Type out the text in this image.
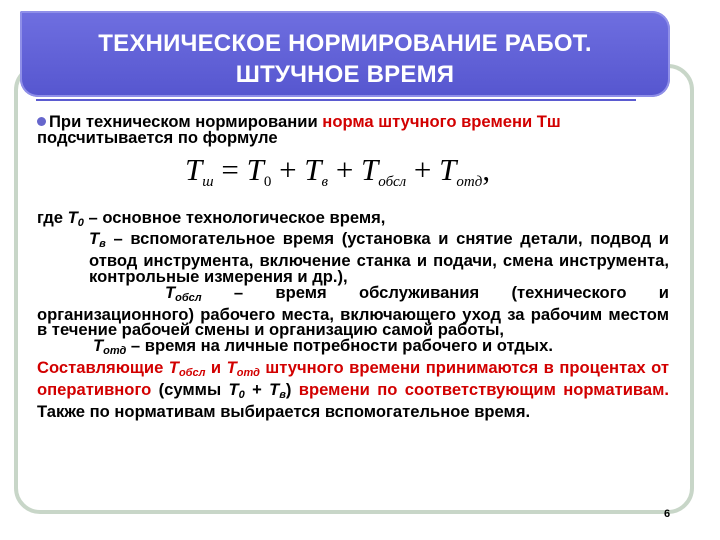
ТЕХНИЧЕСКОЕ НОРМИРОВАНИЕ РАБОТ.
ШТУЧНОЕ ВРЕМЯ

При техническом нормировании норма штучного времени Тш
подсчитывается по формуле

где $Т_0$ – основное технологическое время,

$Т_в$ – вспомогательное время (установка и снятие детали, подвод и отвод инструмента, включение станка и подачи, смена инструмента, контрольные измерения и др.),

$Т_{обсл}$ – время обслуживания (технического и организационного) рабочего места, включающего уход за рабочим местом в течение рабочей смены и организацию самой работы,

$Т_{отд}$ – время на личные потребности рабочего и отдых.

Составляющие $Т_{обсл}$ и $Т_{отд}$ штучного времени принимаются в процентах от оперативного (суммы $Т_0 + Т_в$) времени по соответствующим нормативам. Также по нормативам выбирается вспомогательное время.

$T_ш = T_0 + T_в + T_{обсл} + T_{отд}$,
6
